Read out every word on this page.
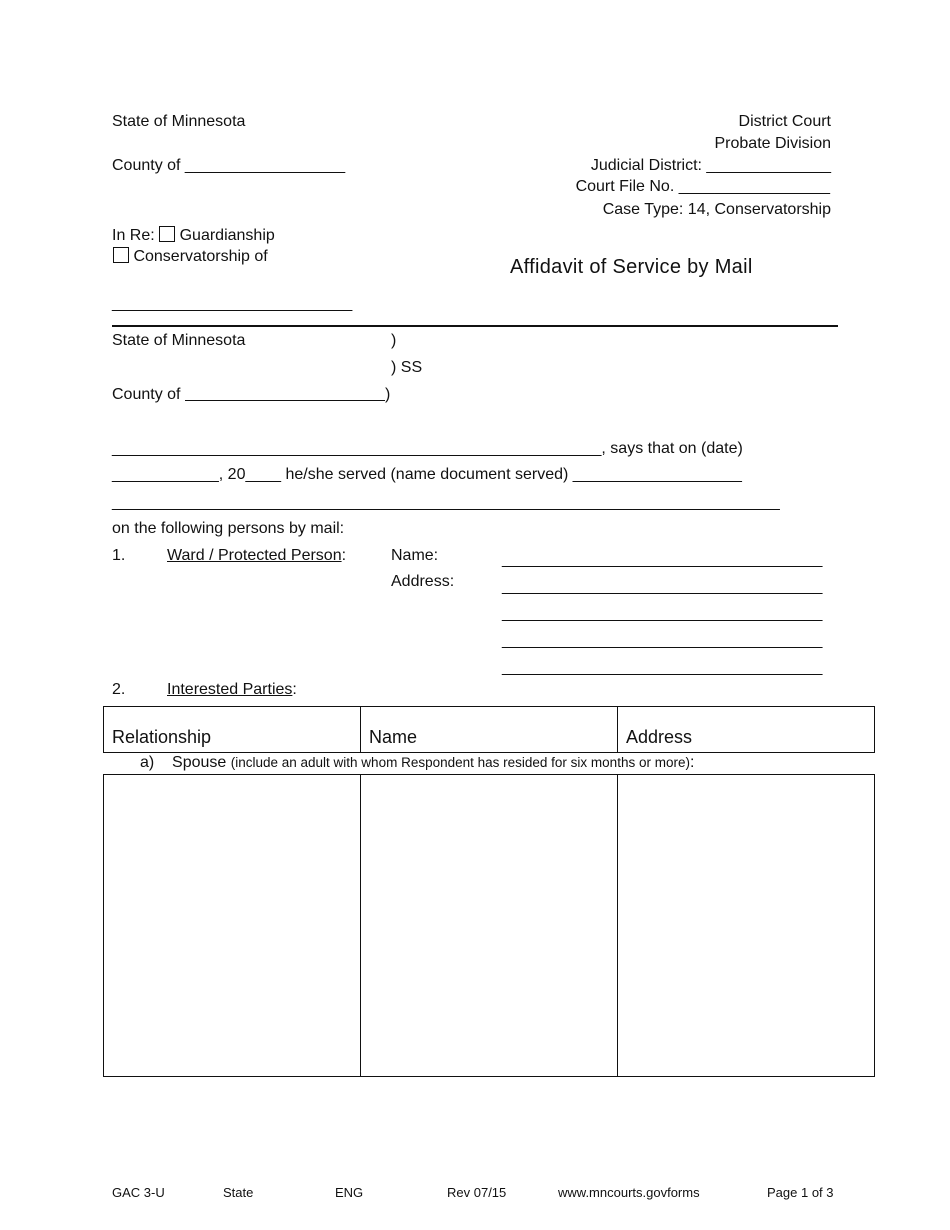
State of Minnesota
County of __________________
District Court
Probate Division
Judicial District: ______________
Court File No. _________________
Case Type: 14, Conservatorship
In Re: Guardianship
Conservatorship of
___________________________
Affidavit of Service by Mail
State of Minnesota	)
) SS
County of	)
_______________________________________________________, says that on (date)
____________, 20____ he/she served (name document served) ___________________
_____________________________________________________________________________
on the following persons by mail:
1.	Ward / Protected Person:	Name:
Address:
____________________________________
____________________________________
____________________________________
____________________________________
____________________________________
2.	Interested Parties:
Relationship	Name	Address
a) Spouse (include an adult with whom Respondent has resided for six months or more):

GAC 3-U	State	ENG	Rev 07/15	www.mncourts.govforms	Page 1 of 3
